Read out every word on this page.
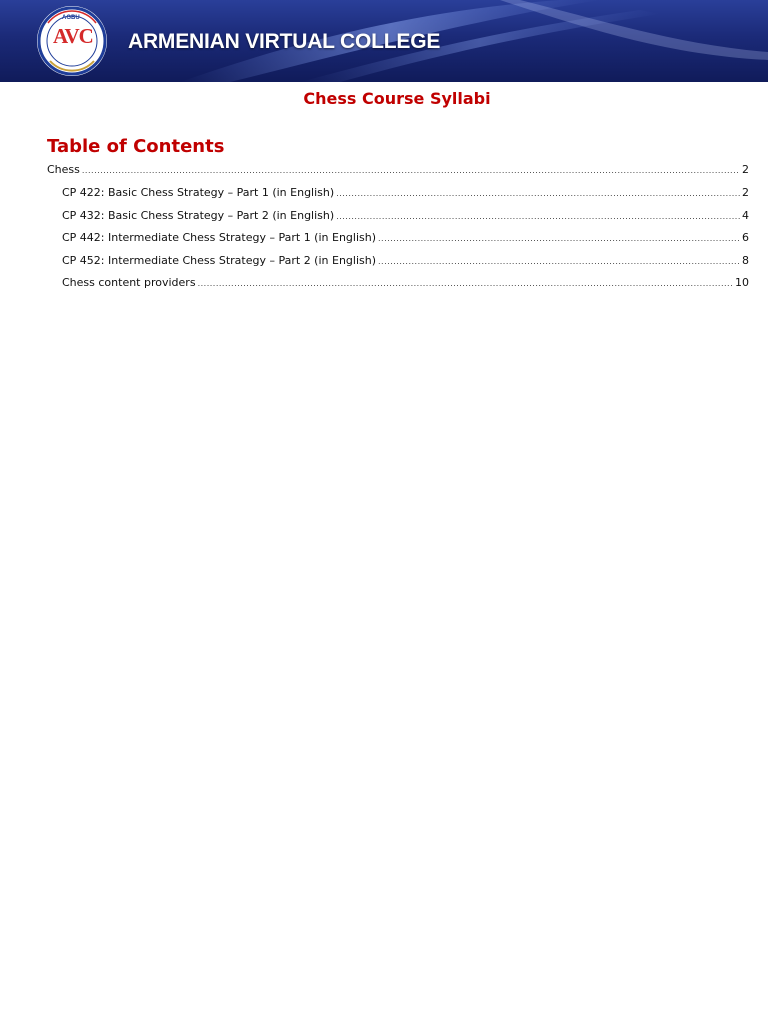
AGBU
AVC ARMENIAN VIRTUAL COLLEGE
Chess Course Syllabi
Table of Contents
Chess .....	2
CP 422: Basic Chess Strategy – Part 1 (in English) .....	2
CP 432: Basic Chess Strategy – Part 2 (in English) .....	4
CP 442: Intermediate Chess Strategy – Part 1 (in English) .....	6
CP 452: Intermediate Chess Strategy – Part 2 (in English) .....	8
Chess content providers .....	10
